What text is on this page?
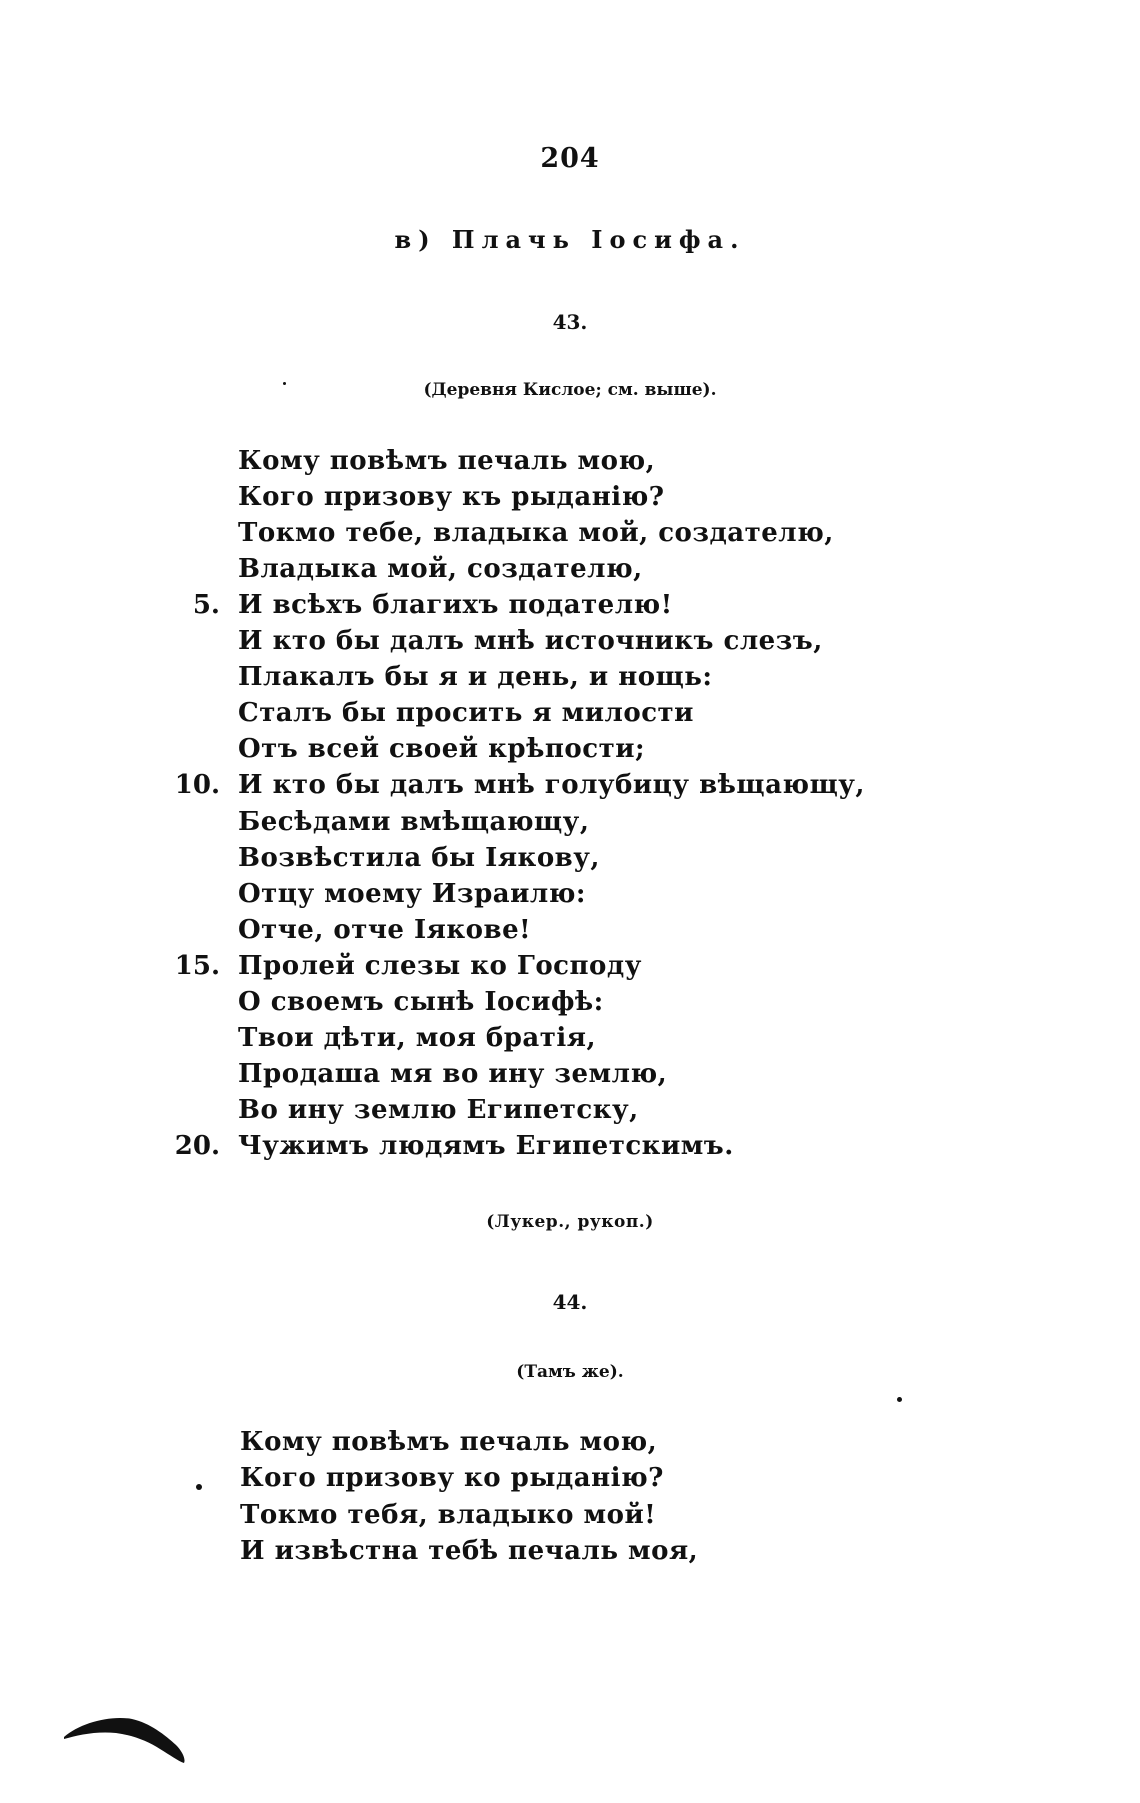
204
в) Плачь Іосифа.
43.
(Деревня Кислое; см. выше).
Кому повѣмъ печаль мою,
Кого призову къ рыданію?
Токмо тебе, владыка мой, создателю,
Владыка мой, создателю,
И всѣхъ благихъ подателю!
5.
И кто бы далъ мнѣ источникъ слезъ,
Плакалъ бы я и день, и нощь:
Сталъ бы просить я милости
Отъ всей своей крѣпости;
И кто бы далъ мнѣ голубицу вѣщающу,
10.
Бесѣдами вмѣщающу,
Возвѣстила бы Іякову,
Отцу моему Израилю:
Отче, отче Іякове!
Пролей слезы ко Господу
15.
О своемъ сынѣ Іосифѣ:
Твои дѣти, моя братія,
Продаша мя во ину землю,
Во ину землю Египетску,
Чужимъ людямъ Египетскимъ.
20.
(Лукер., рукоп.)
44.
(Тамъ же).
Кому повѣмъ печаль мою,
Кого призову ко рыданію?
Токмо тебя, владыко мой!
И извѣстна тебѣ печаль моя,
